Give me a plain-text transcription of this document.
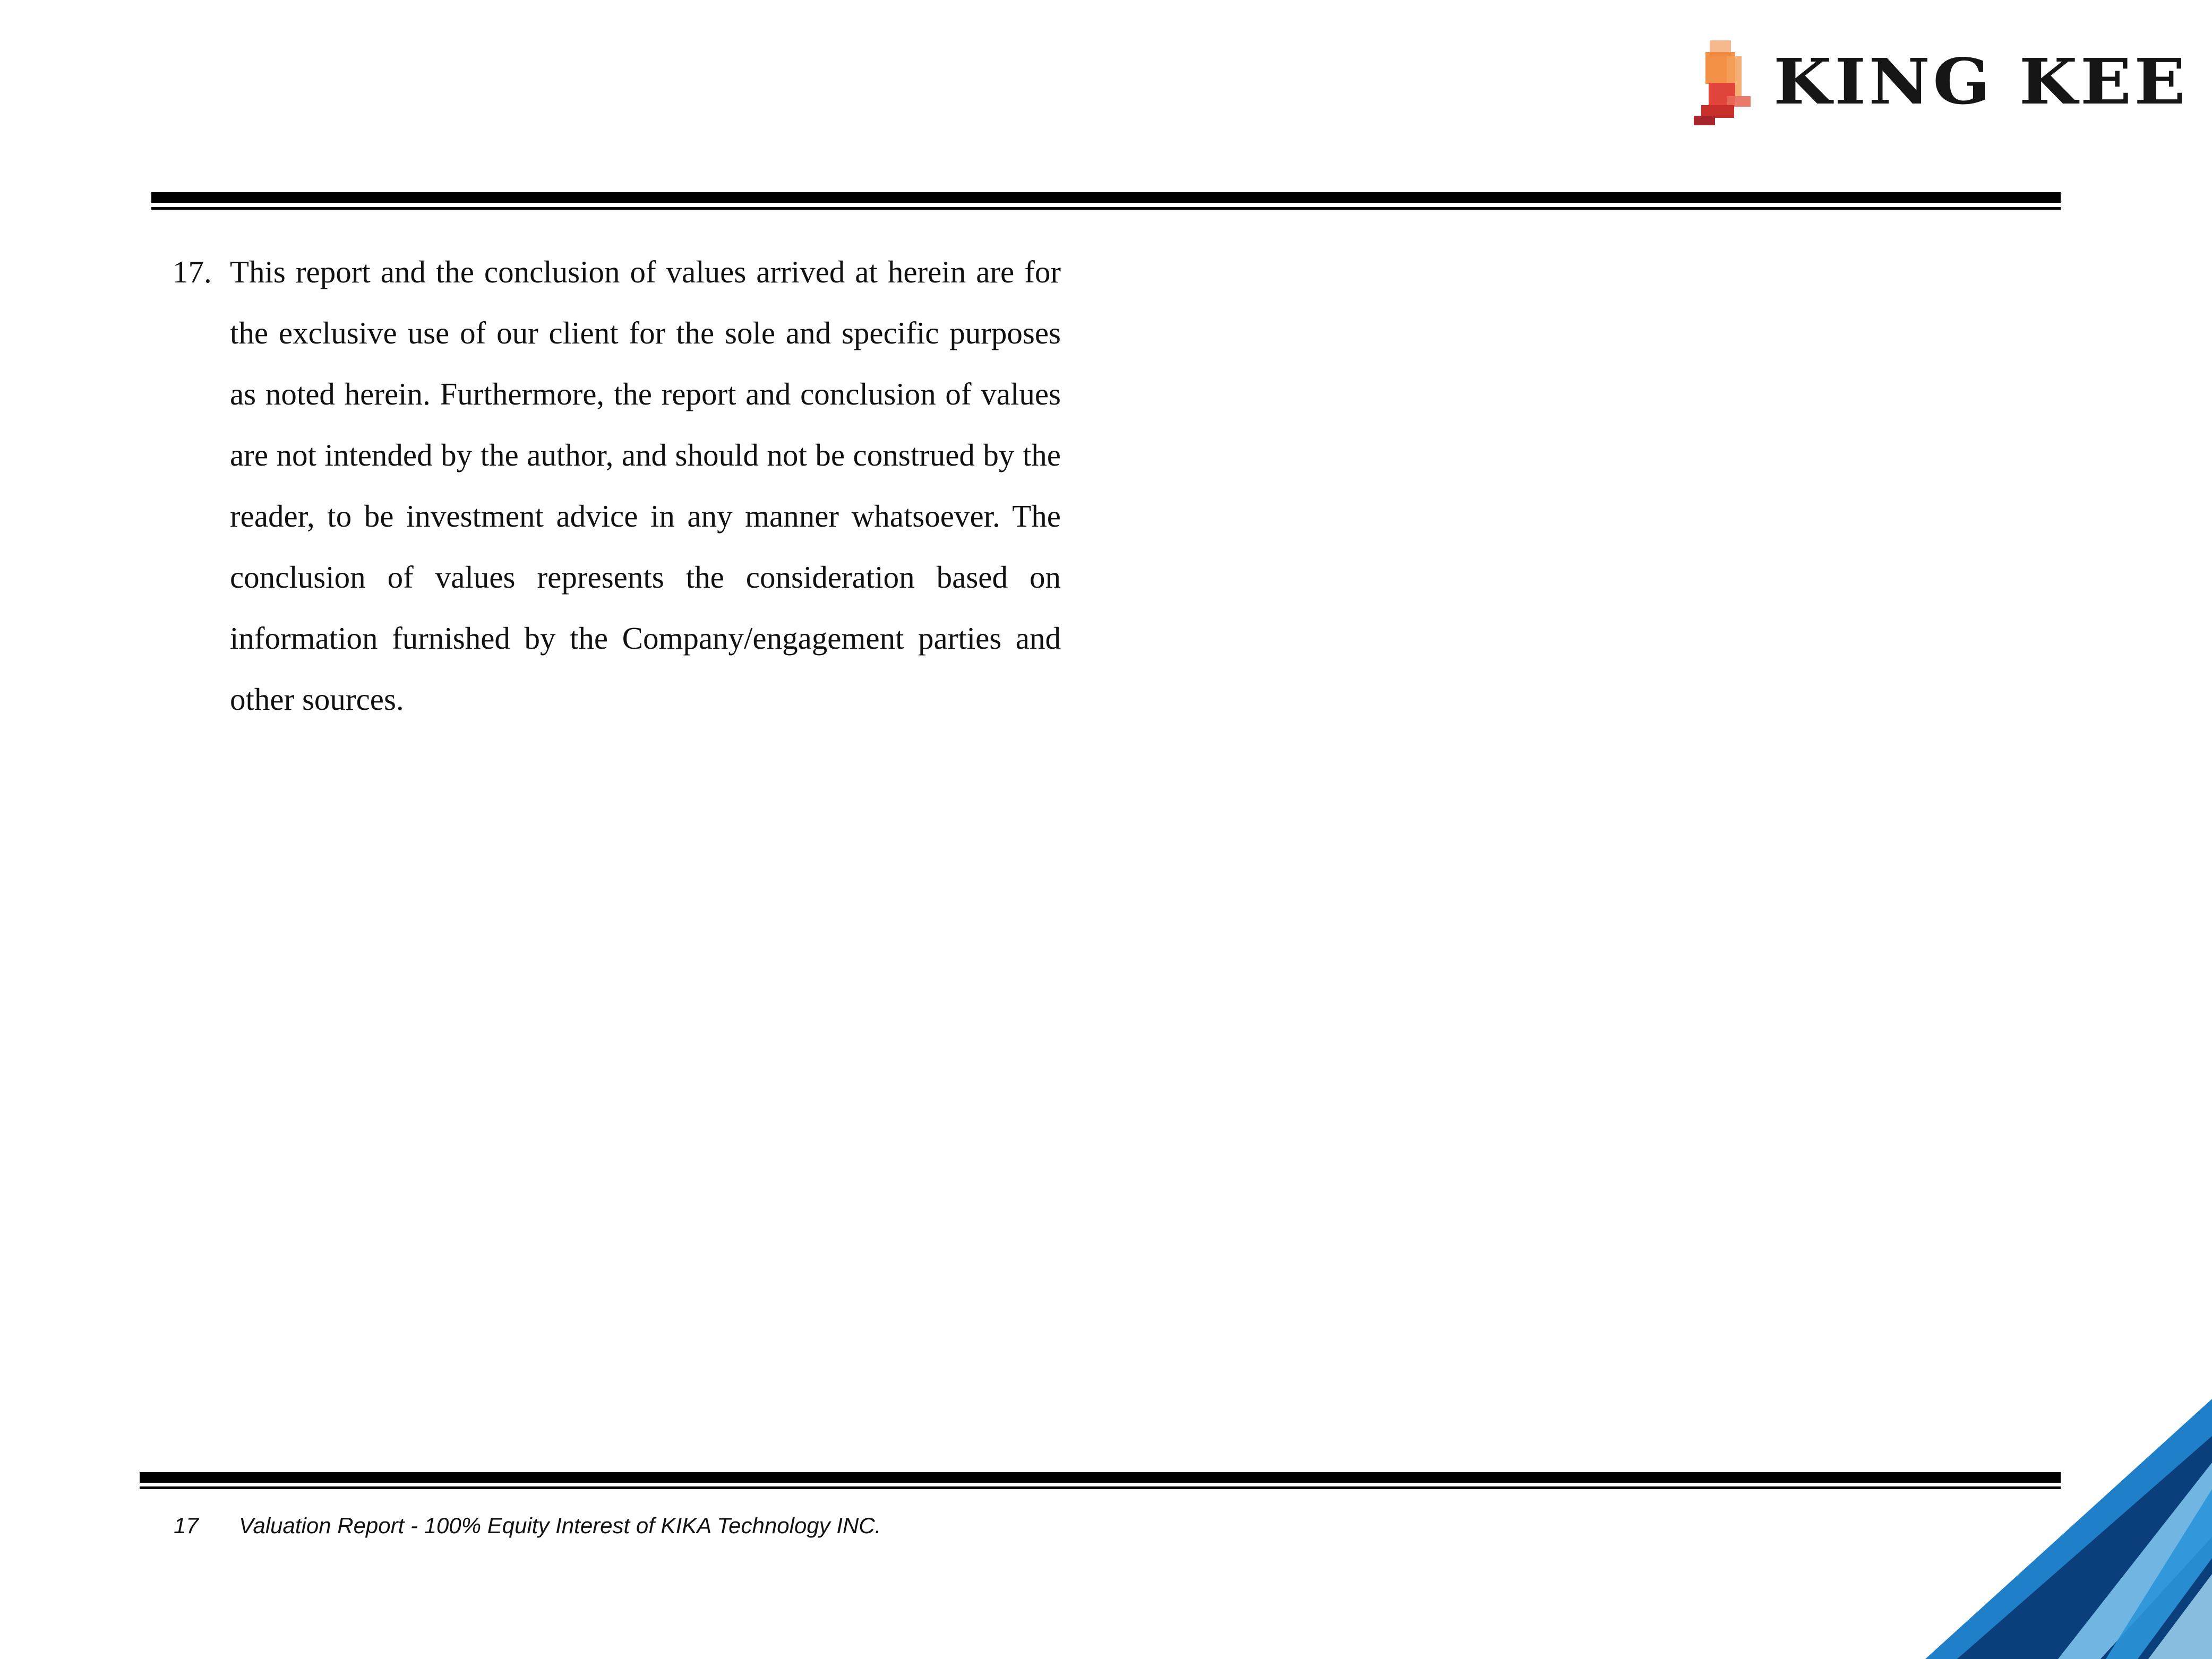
KING KEE
17. This report and the conclusion of values arrived at herein are for the exclusive use of our client for the sole and specific purposes as noted herein. Furthermore, the report and conclusion of values are not intended by the author, and should not be construed by the reader, to be investment advice in any manner whatsoever. The conclusion of values represents the consideration based on information furnished by the Company/engagement parties and other sources.
17 Valuation Report - 100% Equity Interest of KIKA Technology INC.
